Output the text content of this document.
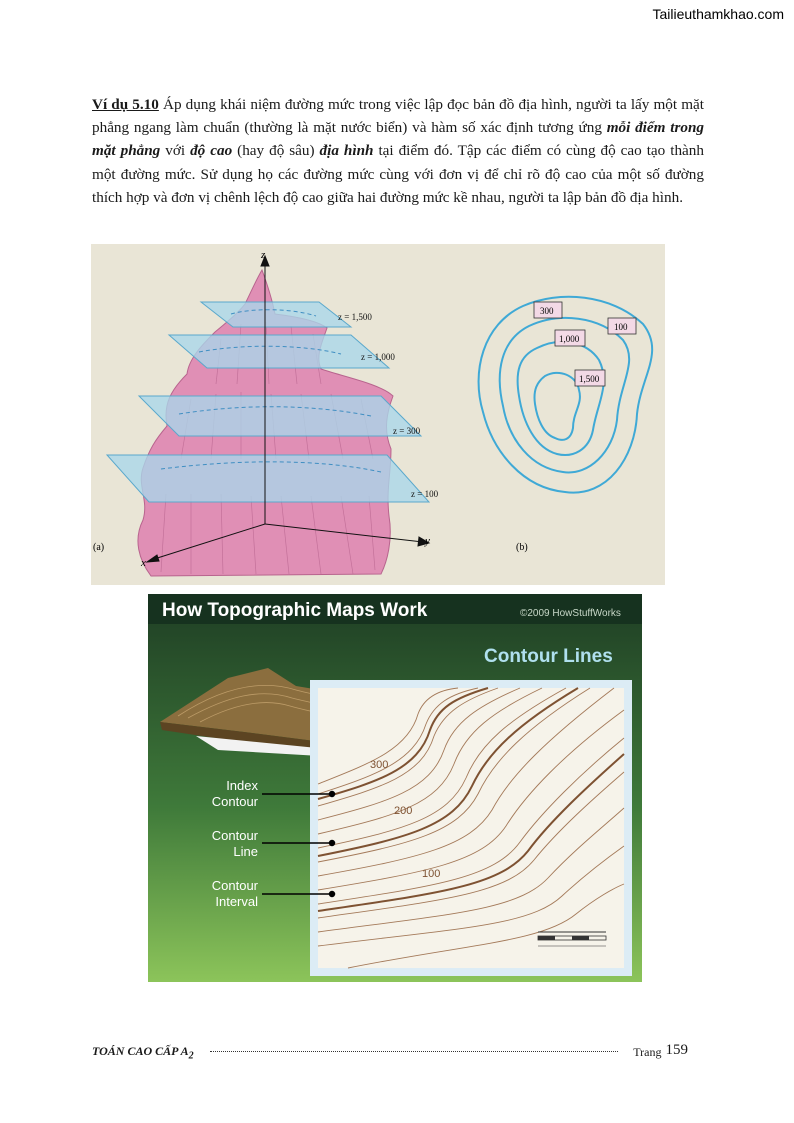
Tailieuthamkhao.com

Ví dụ 5.10 Áp dụng khái niệm đường mức trong việc lập đọc bản đồ địa hình, người ta lấy một mặt phẳng ngang làm chuẩn (thường là mặt nước biển) và hàm số xác định tương ứng mỗi điểm trong mặt phẳng với độ cao (hay độ sâu) địa hình tại điểm đó. Tập các điểm có cùng độ cao tạo thành một đường mức. Sử dụng họ các đường mức cùng với đơn vị để chỉ rõ độ cao của một số đường thích hợp và đơn vị chênh lệch độ cao giữa hai đường mức kề nhau, người ta lập bản đồ địa hình.

z
y
x
z = 1,500
z = 1,000
z = 300
z = 100
(a)	(b)
300
1,000
100
1,500
How Topographic Maps Work	©2009 HowStuffWorks
Contour Lines
300
200
100
Index Contour
Contour Line
Contour Interval
TOÁN CAO CẤP $A_2$	Trang 159
